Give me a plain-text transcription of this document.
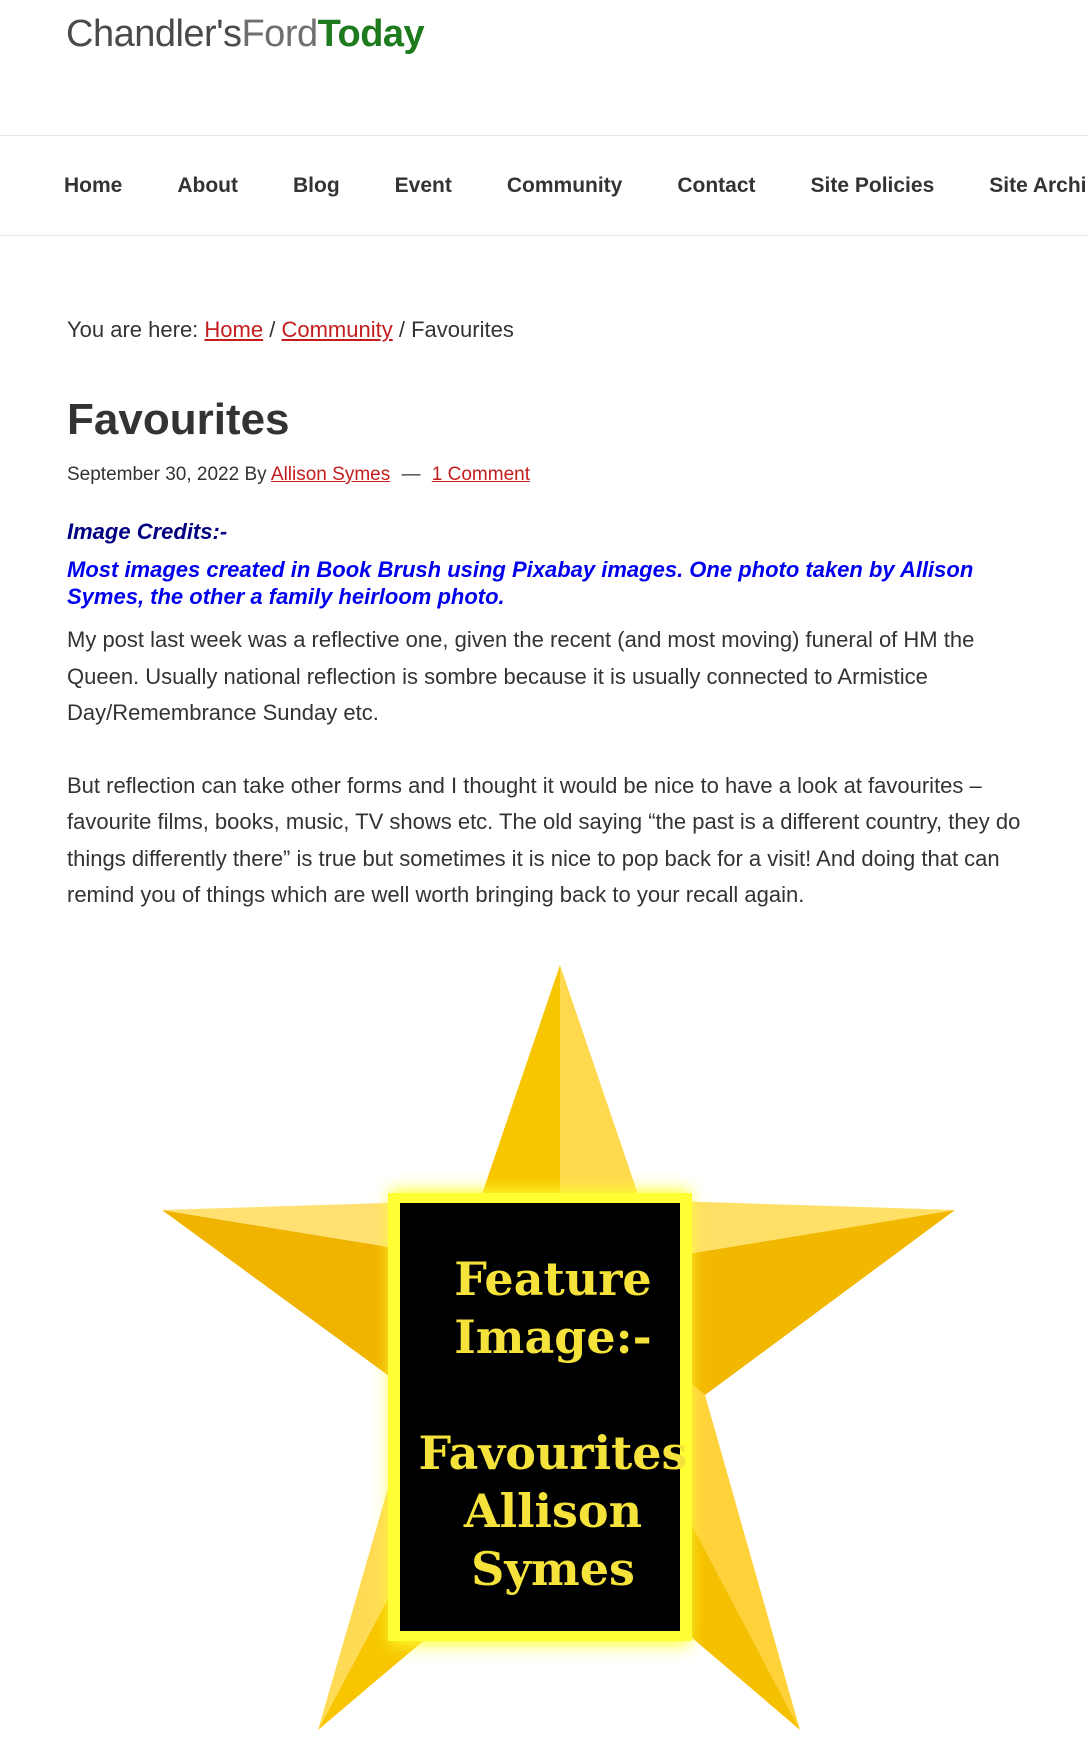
Chandler'sFordToday
Home	About	Blog	Event	Community	Contact	Site Policies	Site Archi
You are here: Home / Community / Favourites
Favourites
September 30, 2022 By Allison Symes — 1 Comment
Image Credits:-
Most images created in Book Brush using Pixabay images. One photo taken by Allison Symes, the other a family heirloom photo.

My post last week was a reflective one, given the recent (and most moving) funeral of HM the Queen. Usually national reflection is sombre because it is usually connected to Armistice Day/Remembrance Sunday etc.

But reflection can take other forms and I thought it would be nice to have a look at favourites – favourite films, books, music, TV shows etc. The old saying “the past is a different country, they do things differently there” is true but sometimes it is nice to pop back for a visit! And doing that can remind you of things which are well worth bringing back to your recall again.

Feature
Image:-
Favourites
Allison
Symes
